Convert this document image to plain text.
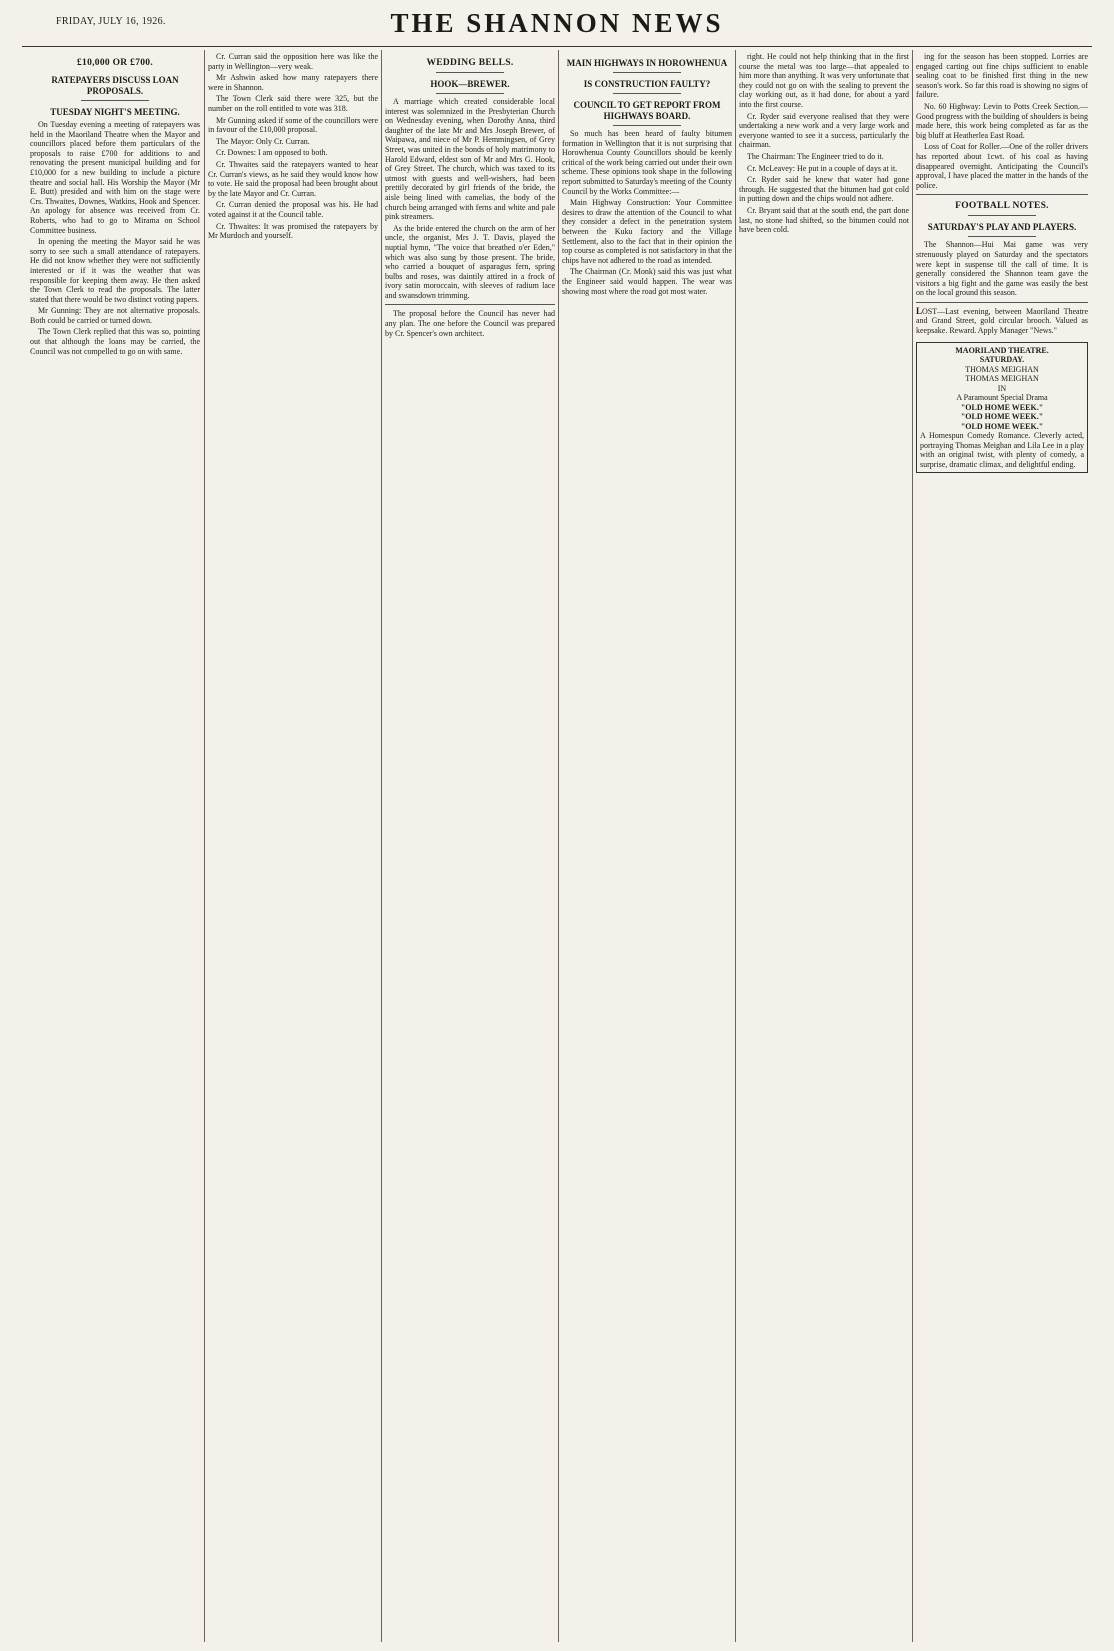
FRIDAY, JULY 16, 1926.	THE SHANNON NEWS
£10,000 OR £700.
RATEPAYERS DISCUSS LOAN PROPOSALS.
TUESDAY NIGHT'S MEETING.

On Tuesday evening a meeting of ratepayers was held in the Maoriland Theatre when the Mayor and councillors placed before them particulars of the proposals to raise £700 for additions to and renovating the present municipal building and for £10,000 for a new building to include a picture theatre and social hall. His Worship the Mayor (Mr E. Butt) presided and with him on the stage were Crs. Thwaites, Downes, Watkins, Hook and Spencer. An apology for absence was received from Cr. Roberts, who had to go to Mirama on School Committee business.

In opening the meeting the Mayor said he was sorry to see such a small attendance of ratepayers. He did not know whether they were not sufficiently interested or if it was the weather that was responsible for keeping them away. He then asked the Town Clerk to read the proposals. The latter stated that there would be two distinct voting papers.

Mr Gunning: They are not alternative proposals. Both could be carried or turned down.

The Town Clerk replied that this was so, pointing out that although the loans may be carried, the Council was not compelled to go on with same.

Cr. Curran said the opposition here was like the party in Wellington—very weak.

Mr Ashwin asked how many ratepayers there were in Shannon.

The Town Clerk said there were 325, but the number on the roll entitled to vote was 318.

Mr Gunning asked if some of the councillors were in favour of the £10,000 proposal.

The Mayor: Only Cr. Curran.

Cr. Downes: I am opposed to both.

Cr. Thwaites said the ratepayers wanted to hear Cr. Curran's views, as he said they would know how to vote. He said the proposal had been brought about by the late Mayor and Cr. Curran.

Cr. Curran denied the proposal was his. He had voted against it at the Council table.

Cr. Thwaites: It was promised the ratepayers by Mr Murdoch and yourself.

WEDDING BELLS.
HOOK—BREWER.

A marriage which created considerable local interest was solemnized in the Presbyterian Church on Wednesday evening, when Dorothy Anna, third daughter of the late Mr and Mrs Joseph Brewer, of Waipawa, and niece of Mr P. Hemmingsen, of Grey Street, was united in the bonds of holy matrimony to Harold Edward, eldest son of Mr and Mrs G. Hook, of Grey Street. The church, which was taxed to its utmost with guests and well-wishers, had been prettily decorated by girl friends of the bride, the aisle being lined with camelias, the body of the church being arranged with ferns and white and pale pink streamers.

As the bride entered the church on the arm of her uncle, the organist, Mrs J. T. Davis, played the nuptial hymn, "The voice that breathed o'er Eden," which was also sung by those present. The bride, who carried a bouquet of asparagus fern, spring bulbs and roses, was daintily attired in a frock of ivory satin moroccain, with sleeves of radium lace and swansdown trimming.

The proposal before the Council has never had any plan. The one before the Council was prepared by Cr. Spencer's own architect.

MAIN HIGHWAYS IN HOROWHENUA
IS CONSTRUCTION FAULTY?
COUNCIL TO GET REPORT FROM HIGHWAYS BOARD.

So much has been heard of faulty bitumen formation in Wellington that it is not surprising that Horowhenua County Councillors should be keenly critical of the work being carried out under their own scheme. These opinions took shape in the following report submitted to Saturday's meeting of the County Council by the Works Committee:—

Main Highway Construction: Your Committee desires to draw the attention of the Council to what they consider a defect in the penetration system between the Kuku factory and the Village Settlement, also to the fact that in their opinion the top course as completed is not satisfactory in that the chips have not adhered to the road as intended.

The Chairman (Cr. Monk) said this was just what the Engineer said would happen. The wear was showing most where the road got most water.

right. He could not help thinking that in the first course the metal was too large—that appealed to him more than anything. It was very unfortunate that they could not go on with the sealing to prevent the clay working out, as it had done, for about a yard into the first course.

Cr. Ryder said everyone realised that they were undertaking a new work and a very large work and everyone wanted to see it a success, particularly the chairman.

The Chairman: The Engineer tried to do it.

Cr. McLeavey: He put in a couple of days at it.

Cr. Ryder said he knew that water had gone through. He suggested that the bitumen had got cold in putting down and the chips would not adhere.

Cr. Bryant said that at the south end, the part done last, no stone had shifted, so the bitumen could not have been cold.

ing for the season has been stopped. Lorries are engaged carting out fine chips sufficient to enable sealing coat to be finished first thing in the new season's work. So far this road is showing no signs of failure.

No. 60 Highway: Levin to Potts Creek Section.—Good progress with the building of shoulders is being made here, this work being completed as far as the big bluff at Heatherlea East Road.

Loss of Coat for Roller.—One of the roller drivers has reported about 1cwt. of his coal as having disappeared overnight. Anticipating the Council's approval, I have placed the matter in the hands of the police.

FOOTBALL NOTES.
SATURDAY'S PLAY AND PLAYERS.

The Shannon—Hui Mai game was very strenuously played on Saturday and the spectators were kept in suspense till the call of time. It is generally considered the Shannon team gave the visitors a big fight and the game was easily the best on the local ground this season.

LOST—Last evening, between Maoriland Theatre and Grand Street, gold circular brooch. Valued as keepsake. Reward. Apply Manager "News."

MAORILAND THEATRE.
SATURDAY.
THOMAS MEIGHAN
THOMAS MEIGHAN
IN
A Paramount Special Drama
"OLD HOME WEEK."
"OLD HOME WEEK."
"OLD HOME WEEK."
A Homespun Comedy Romance. Cleverly acted, portraying Thomas Meighan and Lila Lee in a play with an original twist, with plenty of comedy, a surprise, dramatic climax, and delightful ending.
